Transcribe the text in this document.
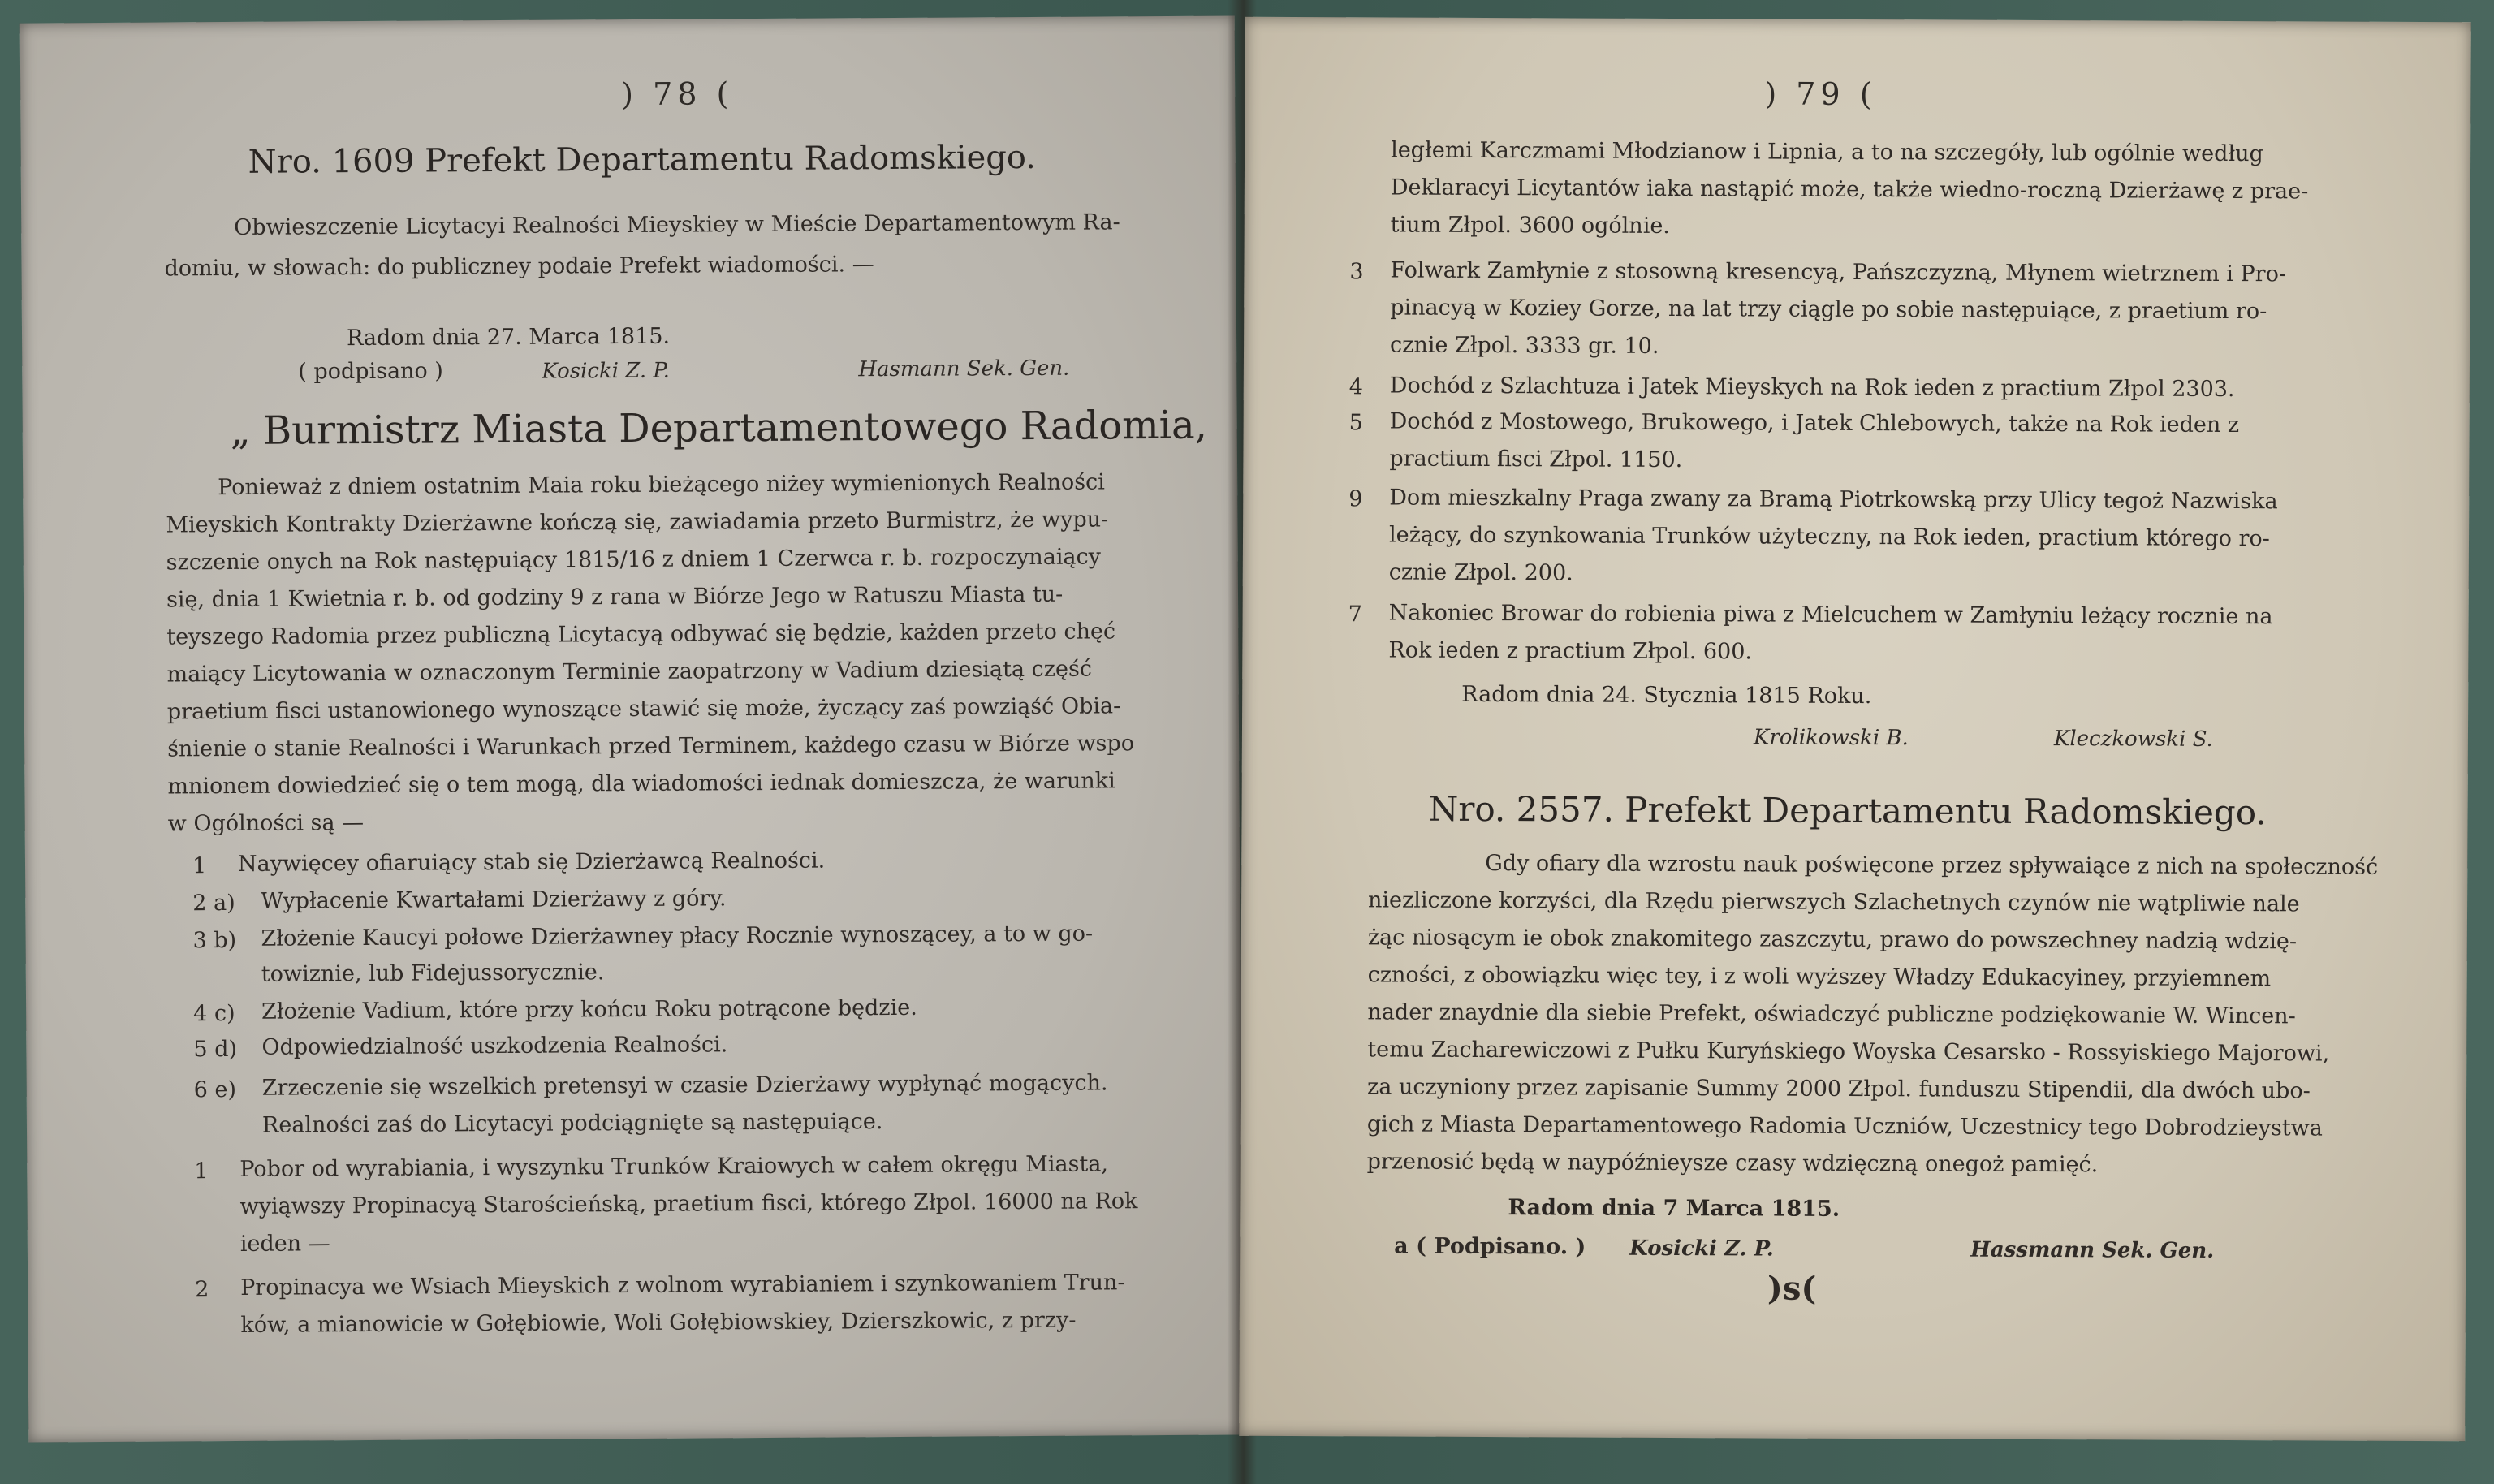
) 78 (
Nro. 1609 Prefekt Departamentu Radomskiego.
Obwieszczenie Licytacyi Realności Mieyskiey w Mieście Departamentowym Ra-
domiu, w słowach: do publiczney podaie Prefekt wiadomości. —
Radom dnia 27. Marca 1815.
( podpisano )	Kosicki Z. P.	Hasmann Sek. Gen.
„ Burmistrz Miasta Departamentowego Radomia,
Ponieważ z dniem ostatnim Maia roku bieżącego niżey wymienionych Realności
Mieyskich Kontrakty Dzierżawne kończą się, zawiadamia przeto Burmistrz, że wypu-
szczenie onych na Rok następuiący 1815/16 z dniem 1 Czerwca r. b. rozpoczynaiący
się, dnia 1 Kwietnia r. b. od godziny 9 z rana w Biórze Jego w Ratuszu Miasta tu-
teyszego Radomia przez publiczną Licytacyą odbywać się będzie, każden przeto chęć
maiący Licytowania w oznaczonym Terminie zaopatrzony w Vadium dziesiątą część
praetium fisci ustanowionego wynoszące stawić się może, życzący zaś powziąść Obia-
śnienie o stanie Realności i Warunkach przed Terminem, każdego czasu w Biórze wspo
mnionem dowiedzieć się o tem mogą, dla wiadomości iednak domieszcza, że warunki
w Ogólności są —
1 Naywięcey ofiaruiący stab się Dzierżawcą Realności.
2 a) Wypłacenie Kwartałami Dzierżawy z góry.
3 b) Złożenie Kaucyi połowe Dzierżawney płacy Rocznie wynoszącey, a to w go-
towiznie, lub Fidejussorycznie.
4 c) Złożenie Vadium, które przy końcu Roku potrącone będzie.
5 d) Odpowiedzialność uszkodzenia Realności.
6 e) Zrzeczenie się wszelkich pretensyi w czasie Dzierżawy wypłynąć mogących.
Realności zaś do Licytacyi podciągnięte są następuiące.
1 Pobor od wyrabiania, i wyszynku Trunków Kraiowych w całem okręgu Miasta,
wyiąwszy Propinacyą Starościeńską, praetium fisci, którego Złpol. 16000 na Rok
ieden —
2 Propinacya we Wsiach Mieyskich z wolnom wyrabianiem i szynkowaniem Trun-
ków, a mianowicie w Gołębiowie, Woli Gołębiowskiey, Dzierszkowic, z przy-
) 79 (
ległemi Karczmami Młodzianow i Lipnia, a to na szczegóły, lub ogólnie według
Deklaracyi Licytantów iaka nastąpić może, także wiedno-roczną Dzierżawę z prae-
tium Złpol. 3600 ogólnie.
3 Folwark Zamłynie z stosowną kresencyą, Pańszczyzną, Młynem wietrznem i Pro-
pinacyą w Koziey Gorze, na lat trzy ciągle po sobie następuiące, z praetium ro-
cznie Złpol. 3333 gr. 10.
4 Dochód z Szlachtuza i Jatek Mieyskych na Rok ieden z practium Złpol 2303.
5 Dochód z Mostowego, Brukowego, i Jatek Chlebowych, także na Rok ieden z
practium fisci Złpol. 1150.
9 Dom mieszkalny Praga zwany za Bramą Piotrkowską przy Ulicy tegoż Nazwiska
leżący, do szynkowania Trunków użyteczny, na Rok ieden, practium którego ro-
cznie Złpol. 200.
7 Nakoniec Browar do robienia piwa z Mielcuchem w Zamłyniu leżący rocznie na
Rok ieden z practium Złpol. 600.
Radom dnia 24. Stycznia 1815 Roku.
Krolikowski B.	Kleczkowski S.
Nro. 2557. Prefekt Departamentu Radomskiego.
Gdy ofiary dla wzrostu nauk poświęcone przez spływaiące z nich na społeczność
niezliczone korzyści, dla Rzędu pierwszych Szlachetnych czynów nie wątpliwie nale
żąc niosącym ie obok znakomitego zaszczytu, prawo do powszechney nadzią wdzię-
czności, z obowiązku więc tey, i z woli wyższey Władzy Edukacyiney, przyiemnem
nader znaydnie dla siebie Prefekt, oświadczyć publiczne podziękowanie W. Wincen-
temu Zacharewiczowi z Pułku Kuryńskiego Woyska Cesarsko - Rossyiskiego Majorowi,
za uczyniony przez zapisanie Summy 2000 Złpol. funduszu Stipendii, dla dwóch ubo-
gich z Miasta Departamentowego Radomia Uczniów, Uczestnicy tego Dobrodzieystwa
przenosić będą w naypóźnieysze czasy wdzięczną onegoż pamięć.
Radom dnia 7 Marca 1815.
a ( Podpisano. ) Kosicki Z. P.	Hassmann Sek. Gen.
)s(
